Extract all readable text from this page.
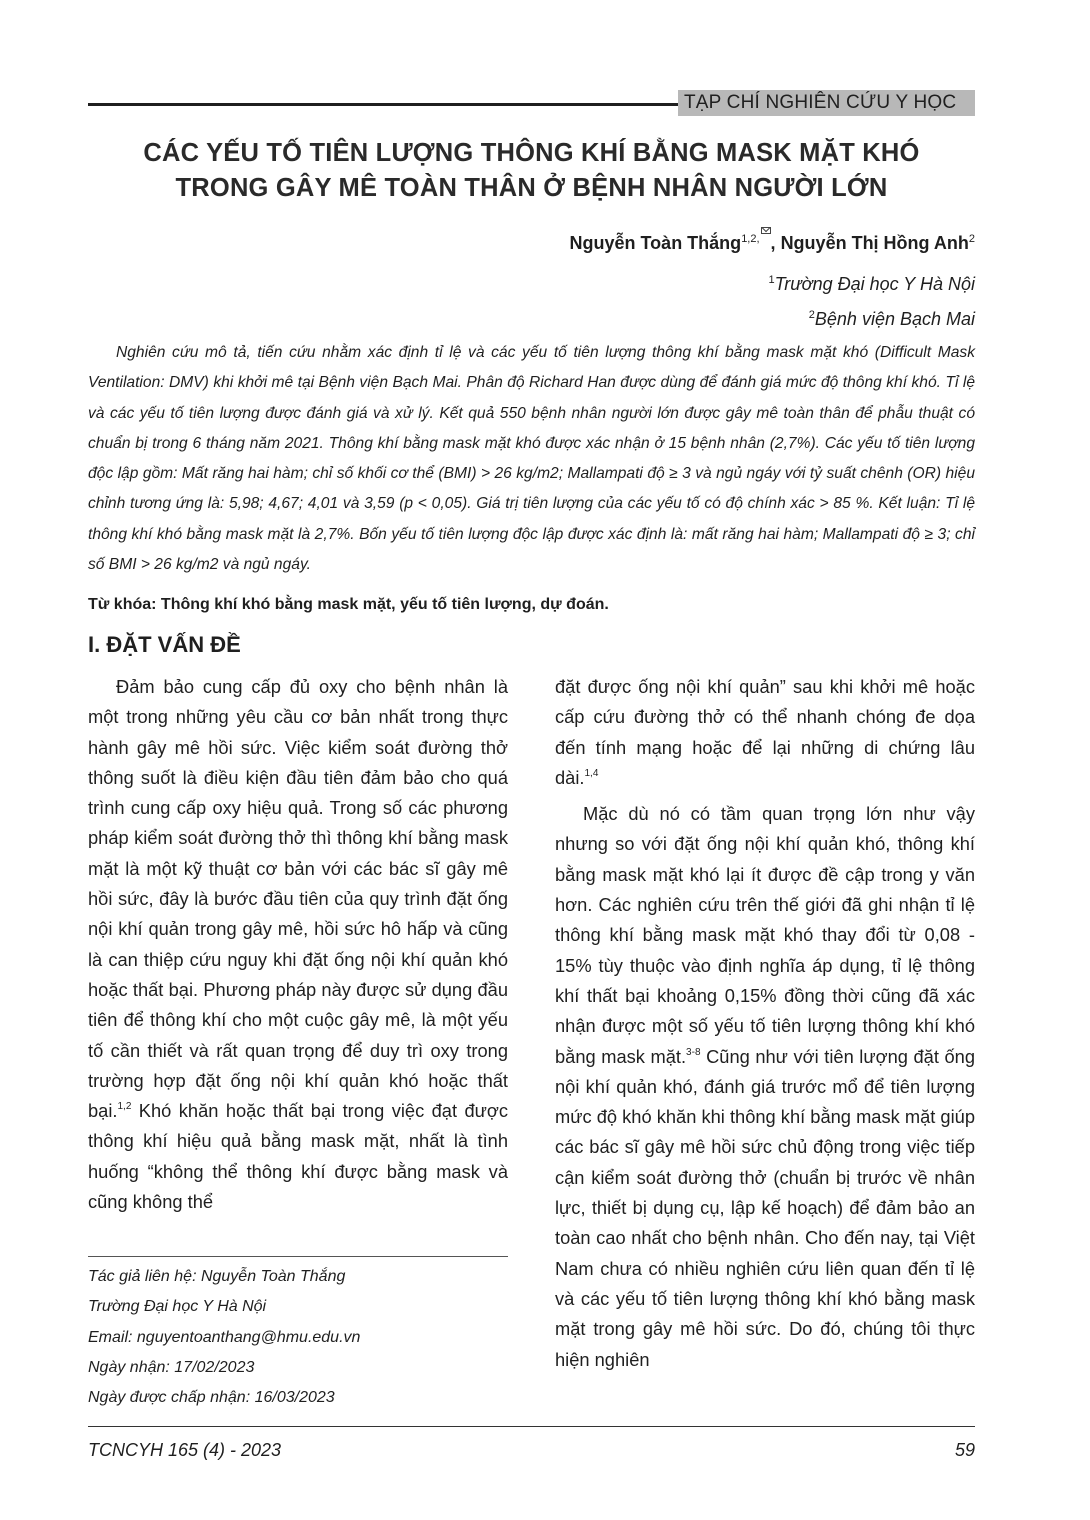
TẠP CHÍ NGHIÊN CỨU Y HỌC
CÁC YẾU TỐ TIÊN LƯỢNG THÔNG KHÍ BẰNG MASK MẶT KHÓ
TRONG GÂY MÊ TOÀN THÂN Ở BỆNH NHÂN NGƯỜI LỚN
Nguyễn Toàn Thắng$^{1,2,}$ , Nguyễn Thị Hồng Anh$^2$
$^1$Trường Đại học Y Hà Nội
$^2$Bệnh viện Bạch Mai

Nghiên cứu mô tả, tiến cứu nhằm xác định tỉ lệ và các yếu tố tiên lượng thông khí bằng mask mặt khó (Difficult Mask Ventilation: DMV) khi khởi mê tại Bệnh viện Bạch Mai. Phân độ Richard Han được dùng để đánh giá mức độ thông khí khó. Tỉ lệ và các yếu tố tiên lượng được đánh giá và xử lý. Kết quả 550 bệnh nhân người lớn được gây mê toàn thân để phẫu thuật có chuẩn bị trong 6 tháng năm 2021. Thông khí bằng mask mặt khó được xác nhận ở 15 bệnh nhân (2,7%). Các yếu tố tiên lượng độc lập gồm: Mất răng hai hàm; chỉ số khối cơ thể (BMI) > 26 kg/m2; Mallampati độ ≥ 3 và ngủ ngáy với tỷ suất chênh (OR) hiệu chỉnh tương ứng là: 5,98; 4,67; 4,01 và 3,59 (p < 0,05). Giá trị tiên lượng của các yếu tố có độ chính xác > 85 %. Kết luận: Tỉ lệ thông khí khó bằng mask mặt là 2,7%. Bốn yếu tố tiên lượng độc lập được xác định là: mất răng hai hàm; Mallampati độ ≥ 3; chỉ số BMI > 26 kg/m2 và ngủ ngáy.

Từ khóa: Thông khí khó bằng mask mặt, yếu tố tiên lượng, dự đoán.
I. ĐẶT VẤN ĐỀ

Đảm bảo cung cấp đủ oxy cho bệnh nhân là một trong những yêu cầu cơ bản nhất trong thực hành gây mê hồi sức. Việc kiểm soát đường thở thông suốt là điều kiện đầu tiên đảm bảo cho quá trình cung cấp oxy hiệu quả. Trong số các phương pháp kiểm soát đường thở thì thông khí bằng mask mặt là một kỹ thuật cơ bản với các bác sĩ gây mê hồi sức, đây là bước đầu tiên của quy trình đặt ống nội khí quản trong gây mê, hồi sức hô hấp và cũng là can thiệp cứu nguy khi đặt ống nội khí quản khó hoặc thất bại. Phương pháp này được sử dụng đầu tiên để thông khí cho một cuộc gây mê, là một yếu tố cần thiết và rất quan trọng để duy trì oxy trong trường hợp đặt ống nội khí quản khó hoặc thất bại.$^{1,2}$ Khó khăn hoặc thất bại trong việc đạt được thông khí hiệu quả bằng mask mặt, nhất là tình huống “không thể thông khí được bằng mask và cũng không thể

đặt được ống nội khí quản” sau khi khởi mê hoặc cấp cứu đường thở có thể nhanh chóng đe dọa đến tính mạng hoặc để lại những di chứng lâu dài.$^{1,4}$

Mặc dù nó có tầm quan trọng lớn như vậy nhưng so với đặt ống nội khí quản khó, thông khí bằng mask mặt khó lại ít được đề cập trong y văn hơn. Các nghiên cứu trên thế giới đã ghi nhận tỉ lệ thông khí bằng mask mặt khó thay đổi từ 0,08 - 15% tùy thuộc vào định nghĩa áp dụng, tỉ lệ thông khí thất bại khoảng 0,15% đồng thời cũng đã xác nhận được một số yếu tố tiên lượng thông khí khó bằng mask mặt.$^{3-8}$ Cũng như với tiên lượng đặt ống nội khí quản khó, đánh giá trước mổ để tiên lượng mức độ khó khăn khi thông khí bằng mask mặt giúp các bác sĩ gây mê hồi sức chủ động trong việc tiếp cận kiểm soát đường thở (chuẩn bị trước về nhân lực, thiết bị dụng cụ, lập kế hoạch) để đảm bảo an toàn cao nhất cho bệnh nhân. Cho đến nay, tại Việt Nam chưa có nhiều nghiên cứu liên quan đến tỉ lệ và các yếu tố tiên lượng thông khí khó bằng mask mặt trong gây mê hồi sức. Do đó, chúng tôi thực hiện nghiên

Tác giả liên hệ: Nguyễn Toàn Thắng
Trường Đại học Y Hà Nội
Email: nguyentoanthang@hmu.edu.vn
Ngày nhận: 17/02/2023
Ngày được chấp nhận: 16/03/2023
TCNCYH 165 (4) - 2023	59
